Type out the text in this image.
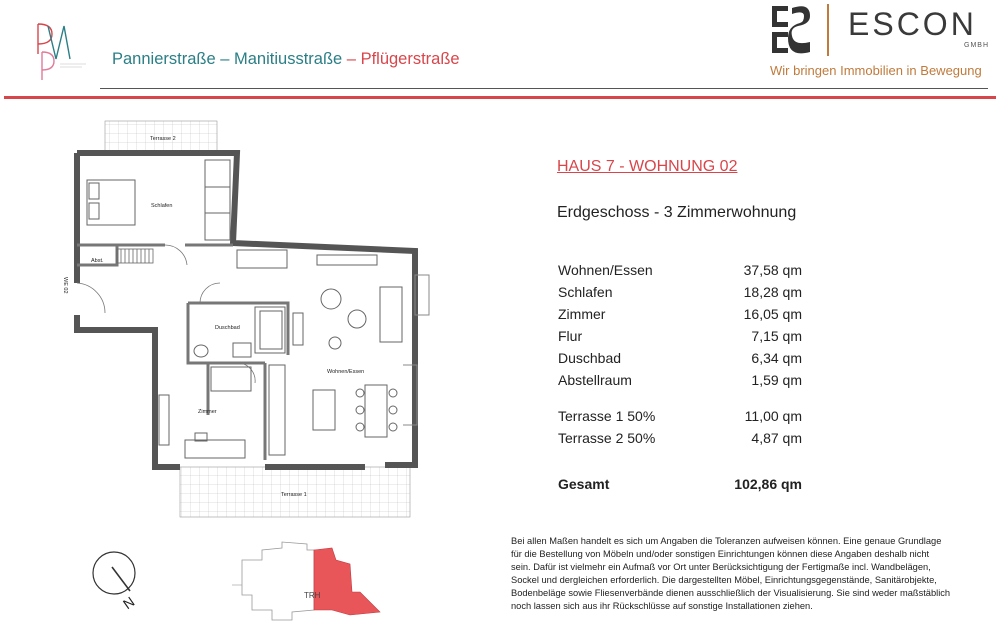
Pannierstraße – Manitiusstraße – Pflügerstraße
ESCON
GMBH
Wir bringen Immobilien in Bewegung
Terrasse 2
Schlafen
Abst.
Duschbad
Wohnen/Essen
Zimmer
Terrasse 1
WE 02
HAUS 7 - WOHNUNG 02
Erdgeschoss - 3 Zimmerwohnung
Wohnen/Essen	37,58 qm
Schlafen	18,28 qm
Zimmer	16,05 qm
Flur	7,15 qm
Duschbad	6,34 qm
Abstellraum	1,59 qm
Terrasse 1 50%	11,00 qm
Terrasse 2 50%	4,87 qm
Gesamt	102,86 qm
Bei allen Maßen handelt es sich um Angaben die Toleranzen aufweisen können. Eine genaue Grundlage für die Bestellung von Möbeln und/oder sonstigen Einrichtungen können diese Angaben deshalb nicht sein. Dafür ist vielmehr ein Aufmaß vor Ort unter Berücksichtigung der Fertigmaße incl. Wandbelägen, Sockel und dergleichen erforderlich. Die dargestellten Möbel, Einrichtungsgegenstände, Sanitärobjekte, Bodenbeläge sowie Fliesenverbände dienen ausschließlich der Visualisierung. Sie sind weder maßstäblich noch lassen sich aus ihr Rückschlüsse auf sonstige Installationen ziehen.
N	TRH
